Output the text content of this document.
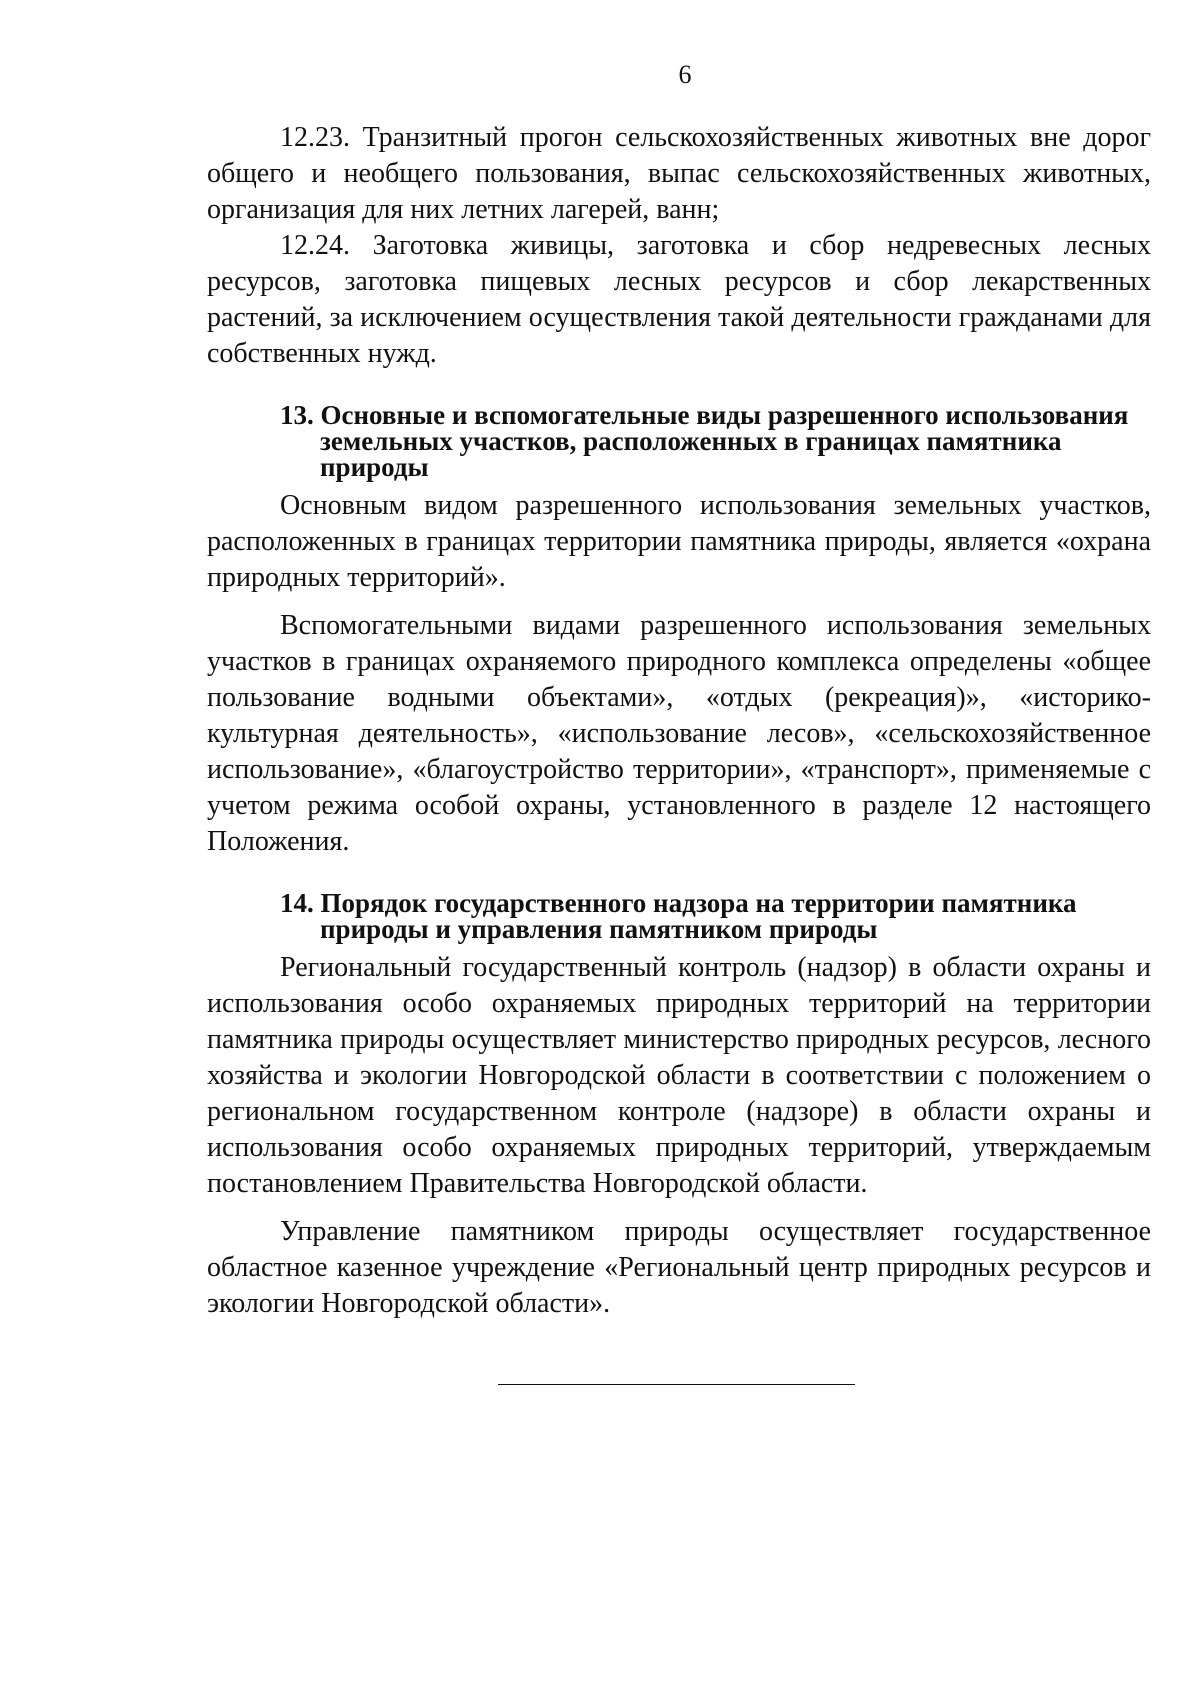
6

12.23. Транзитный прогон сельскохозяйственных животных вне дорог общего и необщего пользования, выпас сельскохозяйственных животных, организация для них летних лагерей, ванн;

12.24. Заготовка живицы, заготовка и сбор недревесных лесных ресурсов, заготовка пищевых лесных ресурсов и сбор лекарственных растений, за исключением осуществления такой деятельности гражданами для собственных нужд.

13. Основные и вспомогательные виды разрешенного использования
земельных участков, расположенных в границах памятника
природы

Основным видом разрешенного использования земельных участков, расположенных в границах территории памятника природы, является «охрана природных территорий».

Вспомогательными видами разрешенного использования земельных участков в границах охраняемого природного комплекса определены «общее пользование водными объектами», «отдых (рекреация)», «историко-культурная деятельность», «использование лесов», «сельскохозяйственное использование», «благоустройство территории», «транспорт», применяемые с учетом режима особой охраны, установленного в разделе 12 настоящего Положения.

14. Порядок государственного надзора на территории памятника
природы и управления памятником природы

Региональный государственный контроль (надзор) в области охраны и использования особо охраняемых природных территорий на территории памятника природы осуществляет министерство природных ресурсов, лесного хозяйства и экологии Новгородской области в соответствии с положением о региональном государственном контроле (надзоре) в области охраны и использования особо охраняемых природных территорий, утверждаемым постановлением Правительства Новгородской области.

Управление памятником природы осуществляет государственное областное казенное учреждение «Региональный центр природных ресурсов и экологии Новгородской области».
